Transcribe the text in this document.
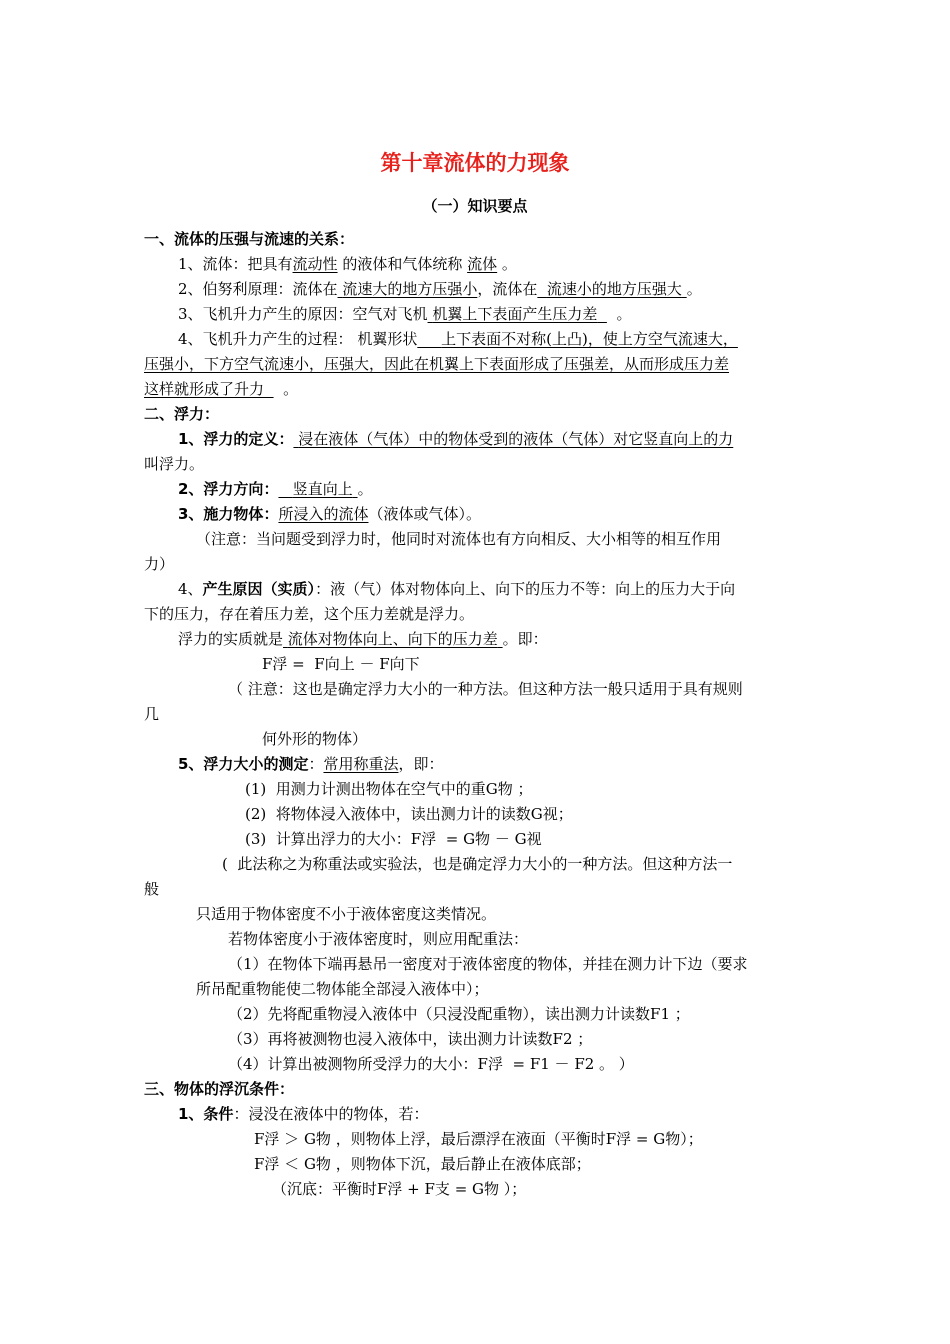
第十章流体的力现象
（一）知识要点
一、流体的压强与流速的关系：
1、流体：把具有流动性 的液体和气体统称 流体 。
2、伯努利原理：流体在 流速大的地方压强小，流体在 流速小的地方压强大 。
3、飞机升力产生的原因：空气对飞机 机翼上下表面产生压力差 。
4、飞机升力产生的过程： 机翼形状 上下表面不对称(上凸)，使上方空气流速大，
压强小，下方空气流速小，压强大，因此在机翼上下表面形成了压强差，从而形成压力差
这样就形成了升力 。
二、浮力：
1、浮力的定义： 浸在液体（气体）中的物体受到的液体（气体）对它竖直向上的力
叫浮力。
2、浮力方向： 竖直向上 。
3、施力物体：所浸入的流体（液体或气体）。
（注意：当问题受到浮力时，他同时对流体也有方向相反、大小相等的相互作用
力）
4、产生原因（实质）：液（气）体对物体向上、向下的压力不等：向上的压力大于向
下的压力，存在着压力差，这个压力差就是浮力。
浮力的实质就是 流体对物体向上、向下的压力差 。即：
F浮 =  F向上 － F向下
（ 注意：这也是确定浮力大小的一种方法。但这种方法一般只适用于具有规则
几
何外形的物体）
5、浮力大小的测定：常用称重法，即：
(1)  用测力计测出物体在空气中的重G物 ；
(2)  将物体浸入液体中，读出测力计的读数G视；
(3)  计算出浮力的大小：F浮  = G物 － G视
(  此法称之为称重法或实验法，也是确定浮力大小的一种方法。但这种方法一
般
只适用于物体密度不小于液体密度这类情况。
若物体密度小于液体密度时，则应用配重法：
（1）在物体下端再悬吊一密度对于液体密度的物体，并挂在测力计下边（要求
所吊配重物能使二物体能全部浸入液体中）；
（2）先将配重物浸入液体中（只浸没配重物），读出测力计读数F1 ；
（3）再将被测物也浸入液体中，读出测力计读数F2 ；
（4）计算出被测物所受浮力的大小：F浮  = F1 － F2 。 ）
三、物体的浮沉条件：
1、条件：浸没在液体中的物体，若：
F浮 ＞ G物 ，则物体上浮，最后漂浮在液面（平衡时F浮 = G物）；
F浮 ＜ G物 ，则物体下沉，最后静止在液体底部；
（沉底：平衡时F浮 + F支 = G物 ）；
